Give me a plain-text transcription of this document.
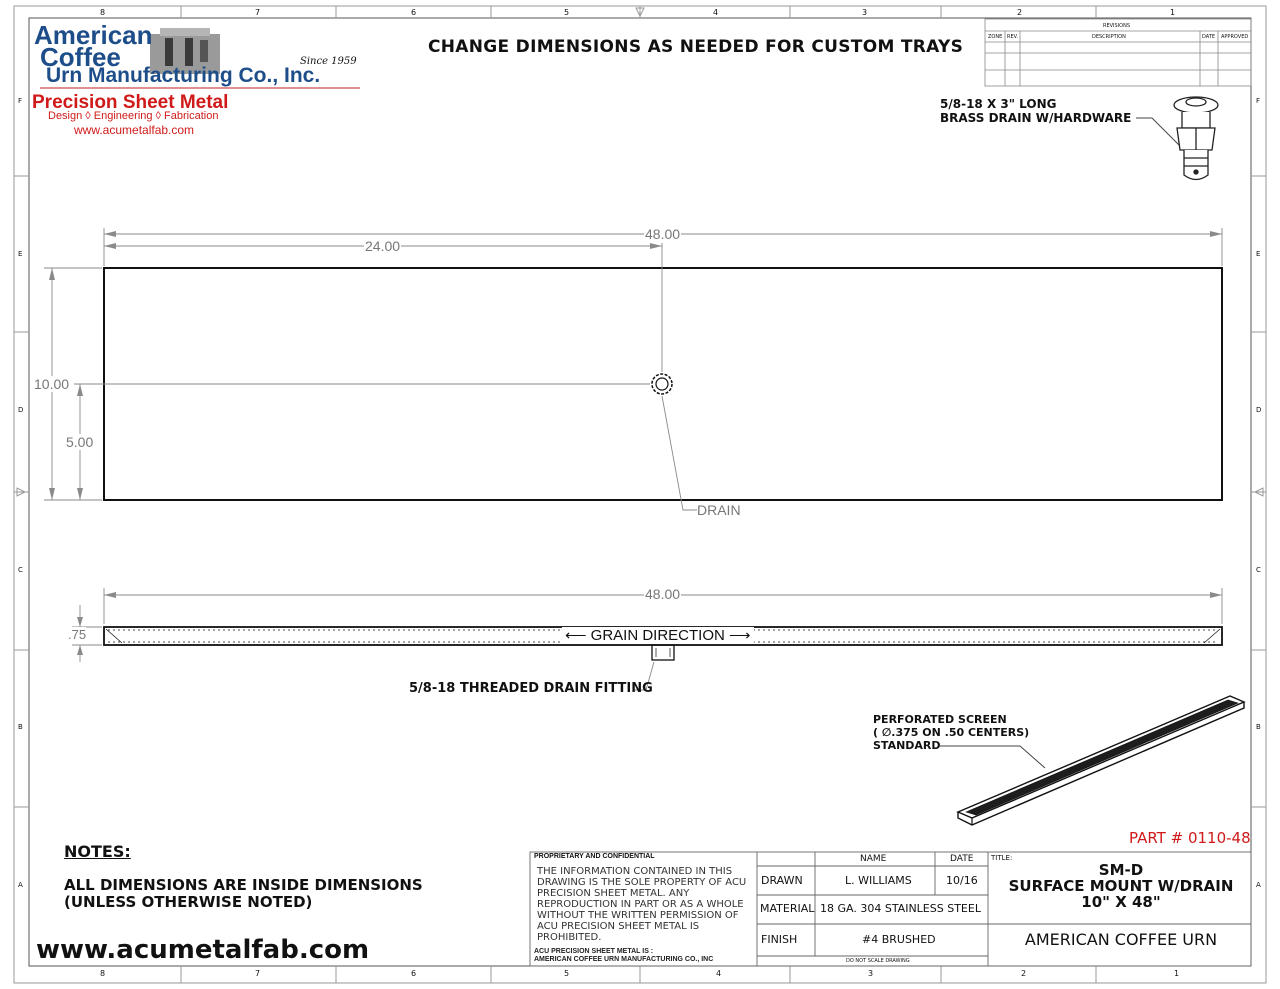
8	7	6	5	4	3	2	1
8	7	6	5	3	2	1
4
F
E
D
C
B
A
F
E
D
C
B
A
American
Coffee
Urn Manufacturing Co., Inc.
Since 1959
Precision Sheet Metal
Design ◊ Engineering ◊ Fabrication
www.acumetalfab.com
CHANGE DIMENSIONS AS NEEDED FOR CUSTOM TRAYS
REVISIONS
ZONE REV.	DESCRIPTION	DATE APPROVED
5/8-18 X 3" LONG
BRASS DRAIN W/HARDWARE
48.00
24.00
10.00
5.00
DRAIN
48.00
.75	⟵ GRAIN DIRECTION ⟶
5/8-18 THREADED DRAIN FITTING
PERFORATED SCREEN
( ∅.375 ON .50 CENTERS)
STANDARD
PART # 0110-48
NOTES:
ALL DIMENSIONS ARE INSIDE DIMENSIONS
(UNLESS OTHERWISE NOTED)
www.acumetalfab.com
PROPRIETARY AND CONFIDENTIAL
THE INFORMATION CONTAINED IN THIS DRAWING IS THE SOLE PROPERTY OF ACU PRECISION SHEET METAL. ANY REPRODUCTION IN PART OR AS A WHOLE WITHOUT THE WRITTEN PERMISSION OF ACU PRECISION SHEET METAL IS PROHIBITED.
ACU PRECISION SHEET METAL IS :
AMERICAN COFFEE URN MANUFACTURING CO., INC
NAME	DATE	TITLE:
DRAWN	L. WILLIAMS	10/16
MATERIAL 18 GA. 304 STAINLESS STEEL
FINISH	#4 BRUSHED
DO NOT SCALE DRAWING
SM-D
SURFACE MOUNT W/DRAIN
10" X 48"
AMERICAN COFFEE URN
